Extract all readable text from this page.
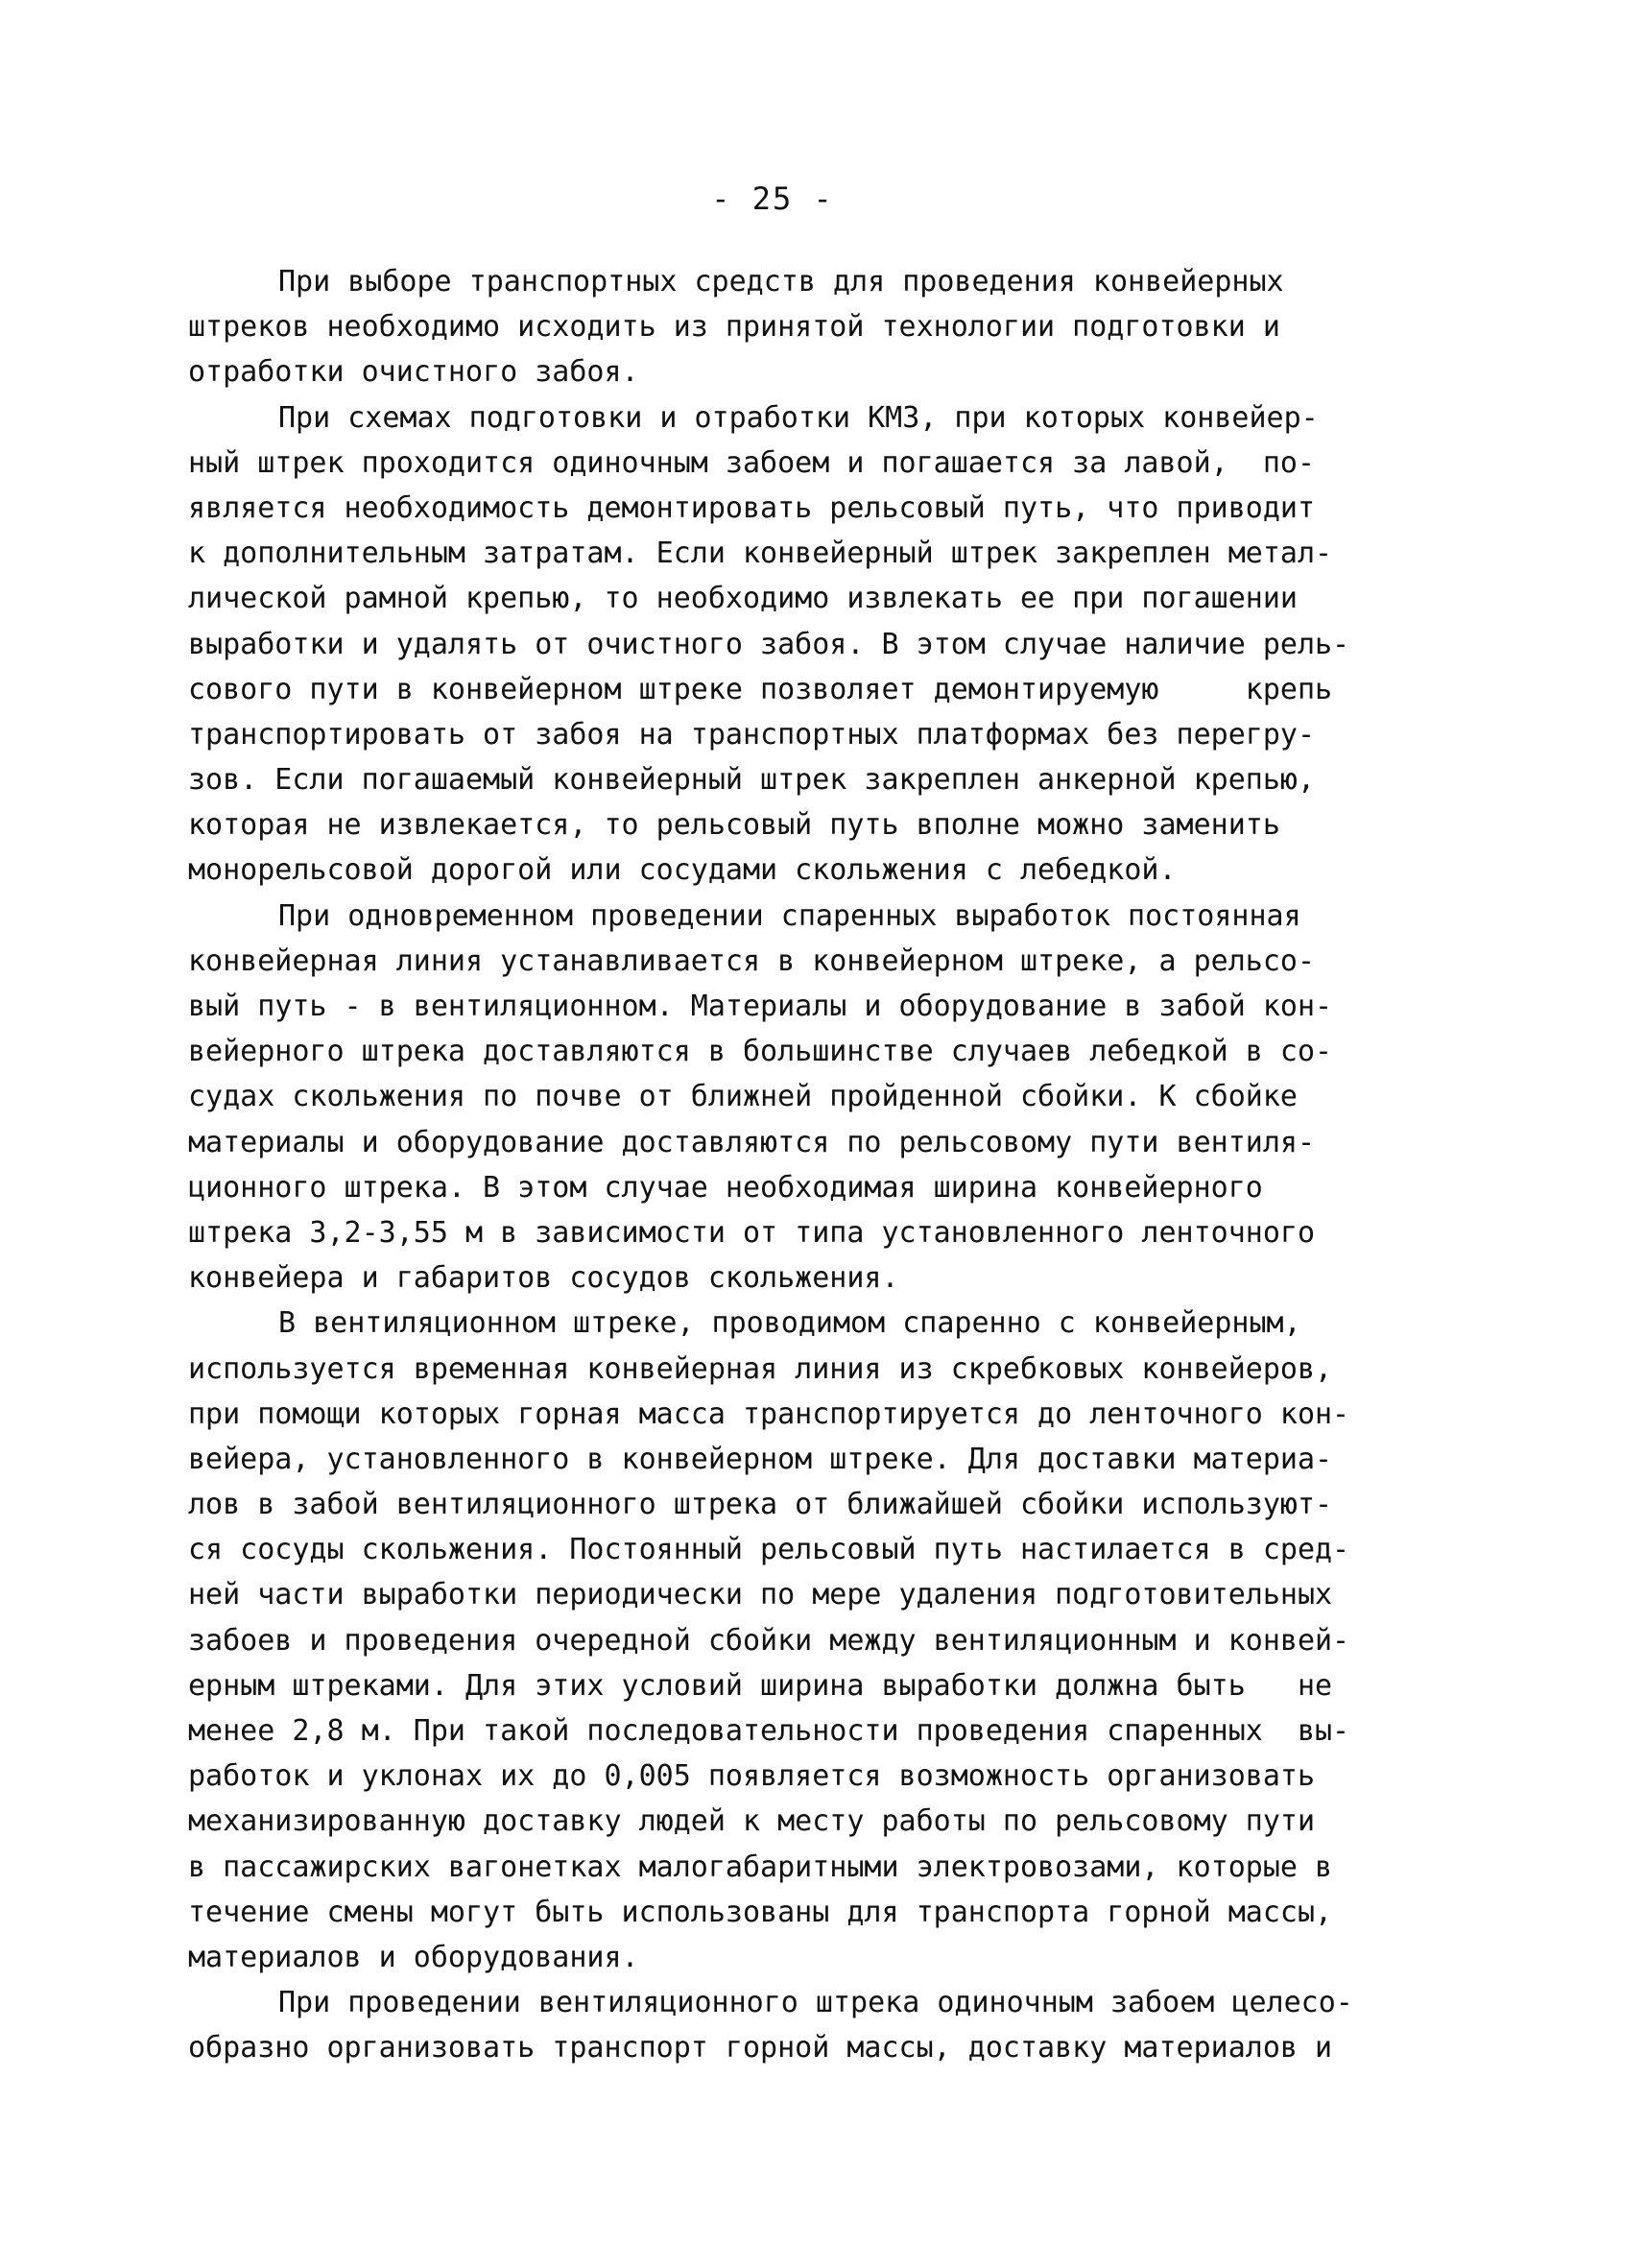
- 25 -
При выборе транспортных средств для проведения конвейерных
штреков необходимо исходить из принятой технологии подготовки и
отработки очистного забоя.
При схемах подготовки и отработки КМЗ, при которых конвейер-
ный штрек проходится одиночным забоем и погашается за лавой,  по-
являетcя необходимость демонтировать рельсовый путь, что приводит
к дополнительным затратам. Если конвейерный штрек закреплен метал-
лической рамной крепью, то необходимо извлекать ее при погашении
выработки и удалять от очистного забоя. В этом случае наличие рель-
сового пути в конвейерном штреке позволяет демонтируемую     крепь
транспортировать от забоя на транспортных платформах без перегру-
зов. Если погашаемый конвейерный штрек закреплен анкерной крепью,
которая не извлекается, то рельсовый путь вполне можно заменить
монорельсовой дорогой или сосудами скольжения с лебедкой.
При одновременном проведении спаренных выработок постоянная
конвейерная линия устанавливается в конвейерном штреке, а рельсо-
вый путь - в вентиляционном. Материалы и оборудование в забой кон-
вейерного штрека доставляются в большинстве случаев лебедкой в со-
судах скольжения по почве от ближней пройденной сбойки. К сбойке
материалы и оборудование доставляются по рельсовому пути вентиля-
ционного штрека. В этом случае необходимая ширина конвейерного
штрека 3,2-3,55 м в зависимости от типа установленного ленточного
конвейера и габаритов сосудов скольжения.
В вентиляционном штреке, проводимом спаренно с конвейерным,
используется временная конвейерная линия из скребковых конвейеров,
при помощи которых горная масса транспортируется до ленточного кон-
вейера, установленного в конвейерном штреке. Для доставки материа-
лов в забой вентиляционного штрека от ближайшей сбойки используют-
ся сосуды скольжения. Постоянный рельсовый путь настилается в сред-
ней части выработки периодически по мере удаления подготовительных
забоев и проведения очередной сбойки между вентиляционным и конвей-
ерным штреками. Для этих условий ширина выработки должна быть   не
менее 2,8 м. При такой последовательности проведения спаренных  вы-
работок и уклонах их до 0,005 появляется возможность организовать
механизированную доставку людей к месту работы по рельсовому пути
в пассажирских вагонетках малогабаритными электровозами, которые в
течение смены могут быть использованы для транспорта горной массы,
материалов и оборудования.
При проведении вентиляционного штрека одиночным забоем целесо-
образно организовать транспорт горной массы, доставку материалов и
